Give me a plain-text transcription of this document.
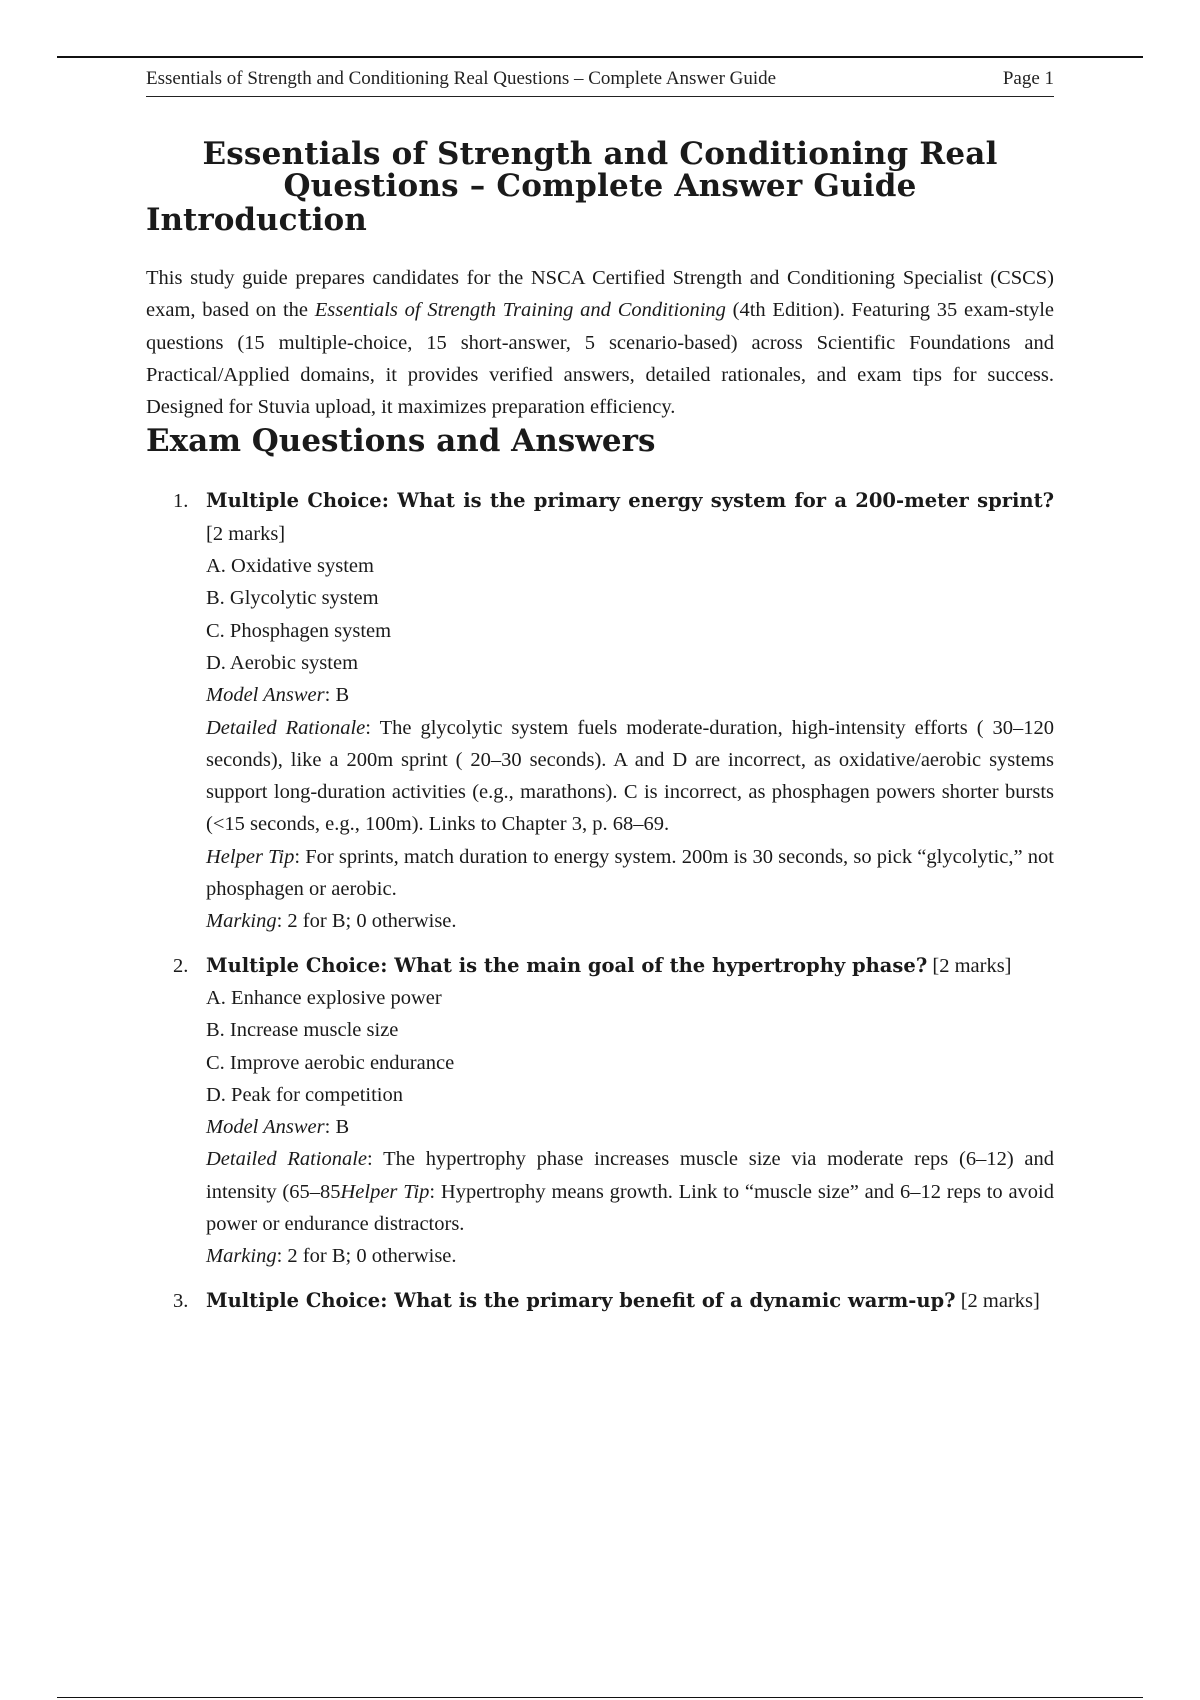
Essentials of Strength and Conditioning Real Questions – Complete Answer Guide	Page 1
Essentials of Strength and Conditioning Real Questions – Complete Answer Guide
Introduction

This study guide prepares candidates for the NSCA Certified Strength and Conditioning Specialist (CSCS) exam, based on the Essentials of Strength Training and Conditioning (4th Edition). Featuring 35 exam-style questions (15 multiple-choice, 15 short-answer, 5 scenario-based) across Scientific Foundations and Practical/Applied domains, it provides verified answers, detailed rationales, and exam tips for success. Designed for Stuvia upload, it maximizes preparation efficiency.

Exam Questions and Answers
1. Multiple Choice: What is the primary energy system for a 200-meter sprint? [2 marks]
A. Oxidative system
B. Glycolytic system
C. Phosphagen system
D. Aerobic system
Model Answer: B
Detailed Rationale: The glycolytic system fuels moderate-duration, high-intensity efforts ( 30–120 seconds), like a 200m sprint ( 20–30 seconds). A and D are incorrect, as oxidative/aerobic systems support long-duration activities (e.g., marathons). C is incorrect, as phosphagen powers shorter bursts (<15 seconds, e.g., 100m). Links to Chapter 3, p. 68–69.
Helper Tip: For sprints, match duration to energy system. 200m is 30 seconds, so pick “glycolytic,” not phosphagen or aerobic.
Marking: 2 for B; 0 otherwise.
2. Multiple Choice: What is the main goal of the hypertrophy phase? [2 marks]
A. Enhance explosive power
B. Increase muscle size
C. Improve aerobic endurance
D. Peak for competition
Model Answer: B
Detailed Rationale: The hypertrophy phase increases muscle size via moderate reps (6–12) and intensity (65–85Helper Tip: Hypertrophy means growth. Link to “muscle size” and 6–12 reps to avoid power or endurance distractors.
Marking: 2 for B; 0 otherwise.
3. Multiple Choice: What is the primary benefit of a dynamic warm-up? [2 marks]
